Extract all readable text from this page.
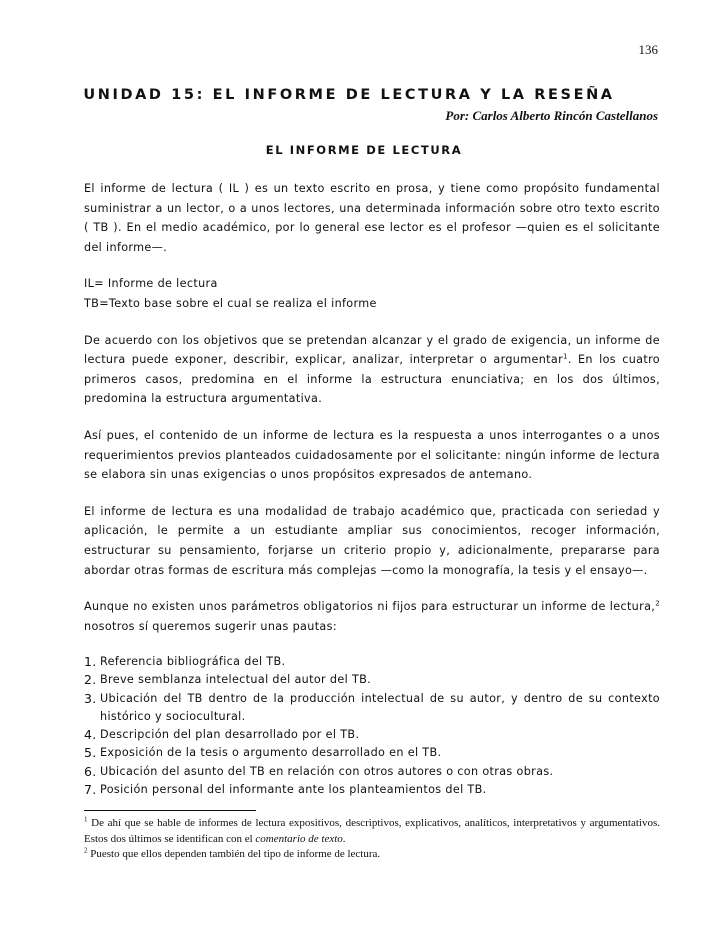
136
UNIDAD 15: EL INFORME DE LECTURA Y LA RESEÑA
Por: Carlos Alberto Rincón Castellanos
EL INFORME DE LECTURA

El informe de lectura ( IL ) es un texto escrito en prosa, y tiene como propósito fundamental suministrar a un lector, o a unos lectores, una determinada información sobre otro texto escrito ( TB ). En el medio académico, por lo general ese lector es el profesor —quien es el solicitante del informe—.

IL= Informe de lectura
TB=Texto base sobre el cual se realiza el informe

De acuerdo con los objetivos que se pretendan alcanzar y el grado de exigencia, un informe de lectura puede exponer, describir, explicar, analizar, interpretar o argumentar$^1$. En los cuatro primeros casos, predomina en el informe la estructura enunciativa; en los dos últimos, predomina la estructura argumentativa.

Así pues, el contenido de un informe de lectura es la respuesta a unos interrogantes o a unos requerimientos previos planteados cuidadosamente por el solicitante: ningún informe de lectura se elabora sin unas exigencias o unos propósitos expresados de antemano.

El informe de lectura es una modalidad de trabajo académico que, practicada con seriedad y aplicación, le permite a un estudiante ampliar sus conocimientos, recoger información, estructurar su pensamiento, forjarse un criterio propio y, adicionalmente, prepararse para abordar otras formas de escritura más complejas —como la monografía, la tesis y el ensayo—.

Aunque no existen unos parámetros obligatorios ni fijos para estructurar un informe de lectura,$^2$ nosotros sí queremos sugerir unas pautas:

1. Referencia bibliográfica del TB.
2. Breve semblanza intelectual del autor del TB.
3. Ubicación del TB dentro de la producción intelectual de su autor, y dentro de su contexto histórico y sociocultural.
4. Descripción del plan desarrollado por el TB.
5. Exposición de la tesis o argumento desarrollado en el TB.
6. Ubicación del asunto del TB en relación con otros autores o con otras obras.
7. Posición personal del informante ante los planteamientos del TB.

$^1$ De ahí que se hable de informes de lectura expositivos, descriptivos, explicativos, analíticos, interpretativos y argumentativos. Estos dos últimos se identifican con el comentario de texto.

$^2$ Puesto que ellos dependen también del tipo de informe de lectura.
